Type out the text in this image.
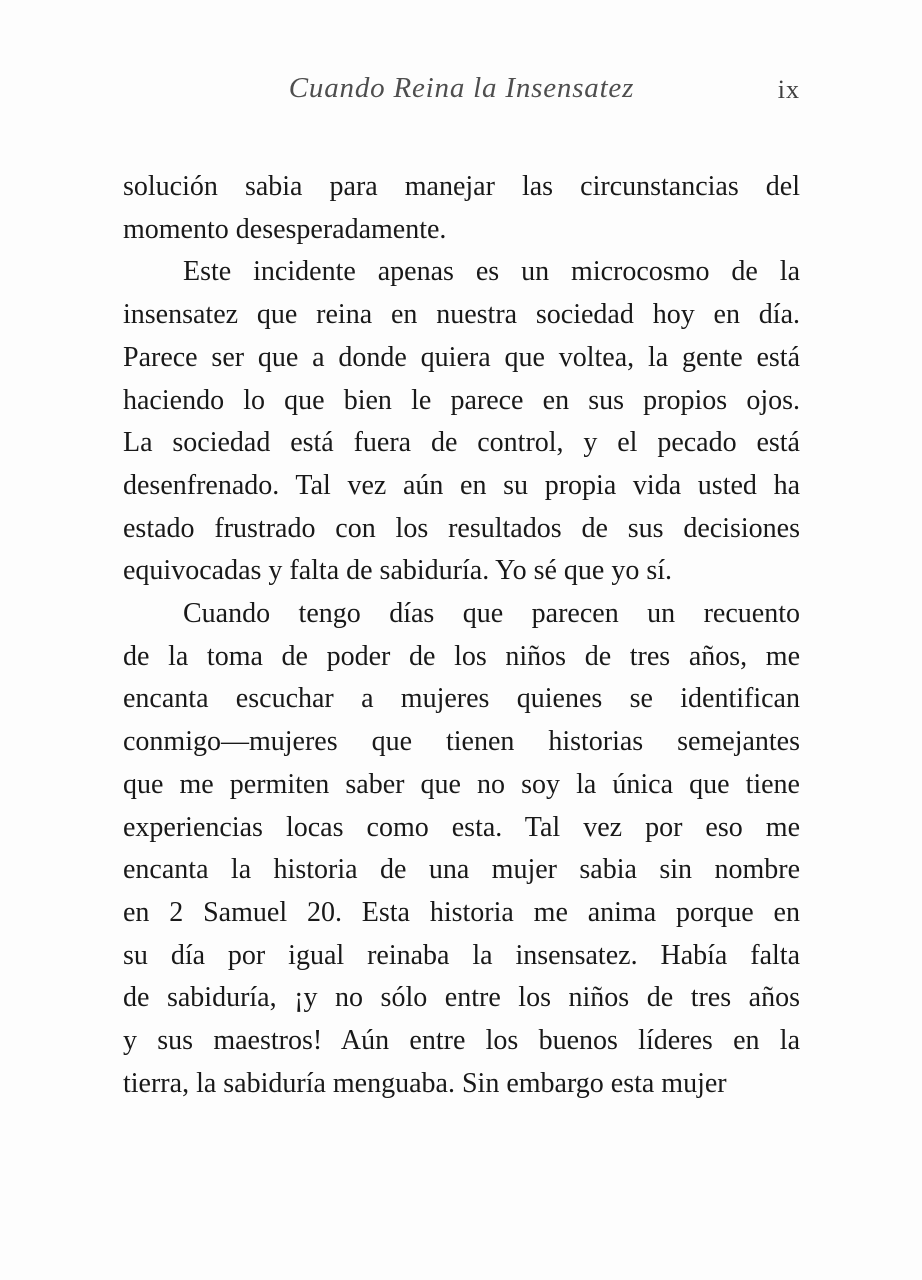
Cuando Reina la Insensatez	ix
solución sabia para manejar las circunstancias del
momento desesperadamente.
Este incidente apenas es un microcosmo de la
insensatez que reina en nuestra sociedad hoy en día.
Parece ser que a donde quiera que voltea, la gente está
haciendo lo que bien le parece en sus propios ojos.
La sociedad está fuera de control, y el pecado está
desenfrenado. Tal vez aún en su propia vida usted ha
estado frustrado con los resultados de sus decisiones
equivocadas y falta de sabiduría. Yo sé que yo sí.
Cuando tengo días que parecen un recuento
de la toma de poder de los niños de tres años, me
encanta escuchar a mujeres quienes se identifican
conmigo—mujeres que tienen historias semejantes
que me permiten saber que no soy la única que tiene
experiencias locas como esta. Tal vez por eso me
encanta la historia de una mujer sabia sin nombre
en 2 Samuel 20. Esta historia me anima porque en
su día por igual reinaba la insensatez. Había falta
de sabiduría, ¡y no sólo entre los niños de tres años
y sus maestros! Aún entre los buenos líderes en la
tierra, la sabiduría menguaba. Sin embargo esta mujer
